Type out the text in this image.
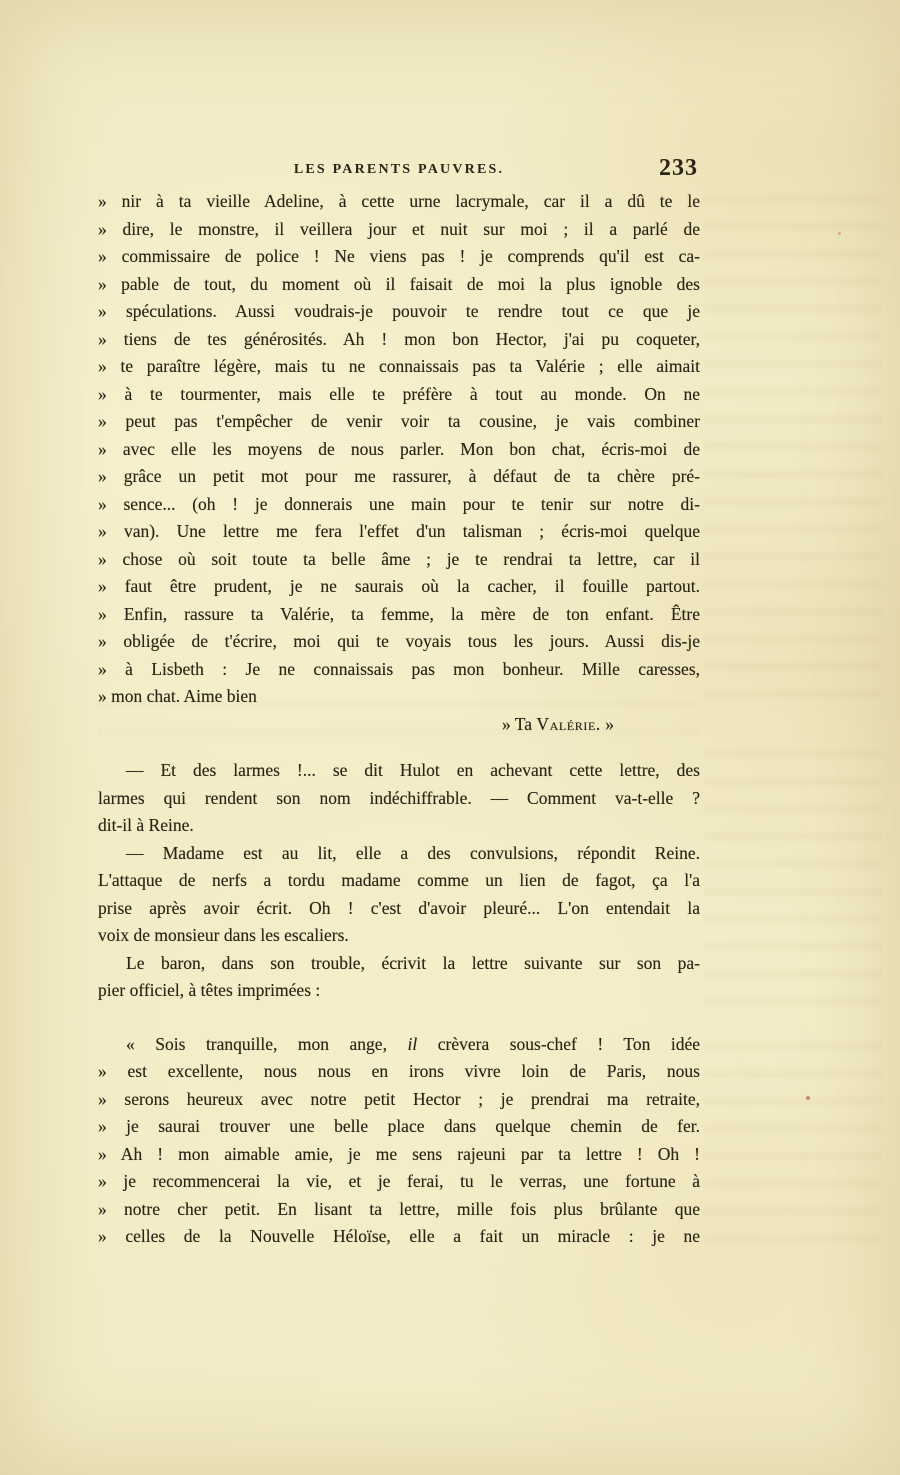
LES PARENTS PAUVRES.	233
» nir à ta vieille Adeline, à cette urne lacrymale, car il a dû te le
» dire, le monstre, il veillera jour et nuit sur moi ; il a parlé de
» commissaire de police ! Ne viens pas ! je comprends qu'il est ca-
» pable de tout, du moment où il faisait de moi la plus ignoble des
» spéculations. Aussi voudrais-je pouvoir te rendre tout ce que je
» tiens de tes générosités. Ah ! mon bon Hector, j'ai pu coqueter,
» te paraître légère, mais tu ne connaissais pas ta Valérie ; elle aimait
» à te tourmenter, mais elle te préfère à tout au monde. On ne
» peut pas t'empêcher de venir voir ta cousine, je vais combiner
» avec elle les moyens de nous parler. Mon bon chat, écris-moi de
» grâce un petit mot pour me rassurer, à défaut de ta chère pré-
» sence... (oh ! je donnerais une main pour te tenir sur notre di-
» van). Une lettre me fera l'effet d'un talisman ; écris-moi quelque
» chose où soit toute ta belle âme ; je te rendrai ta lettre, car il
» faut être prudent, je ne saurais où la cacher, il fouille partout.
» Enfin, rassure ta Valérie, ta femme, la mère de ton enfant. Être
» obligée de t'écrire, moi qui te voyais tous les jours. Aussi dis-je
» à Lisbeth : Je ne connaissais pas mon bonheur. Mille caresses,
» mon chat. Aime bien
» Ta Valérie. »
— Et des larmes !... se dit Hulot en achevant cette lettre, des
larmes qui rendent son nom indéchiffrable. — Comment va-t-elle ?
dit-il à Reine.
— Madame est au lit, elle a des convulsions, répondit Reine.
L'attaque de nerfs a tordu madame comme un lien de fagot, ça l'a
prise après avoir écrit. Oh ! c'est d'avoir pleuré... L'on entendait la
voix de monsieur dans les escaliers.
Le baron, dans son trouble, écrivit la lettre suivante sur son pa-
pier officiel, à têtes imprimées :
« Sois tranquille, mon ange, il crèvera sous-chef ! Ton idée
» est excellente, nous nous en irons vivre loin de Paris, nous
» serons heureux avec notre petit Hector ; je prendrai ma retraite,
» je saurai trouver une belle place dans quelque chemin de fer.
» Ah ! mon aimable amie, je me sens rajeuni par ta lettre ! Oh !
» je recommencerai la vie, et je ferai, tu le verras, une fortune à
» notre cher petit. En lisant ta lettre, mille fois plus brûlante que
» celles de la Nouvelle Héloïse, elle a fait un miracle : je ne
